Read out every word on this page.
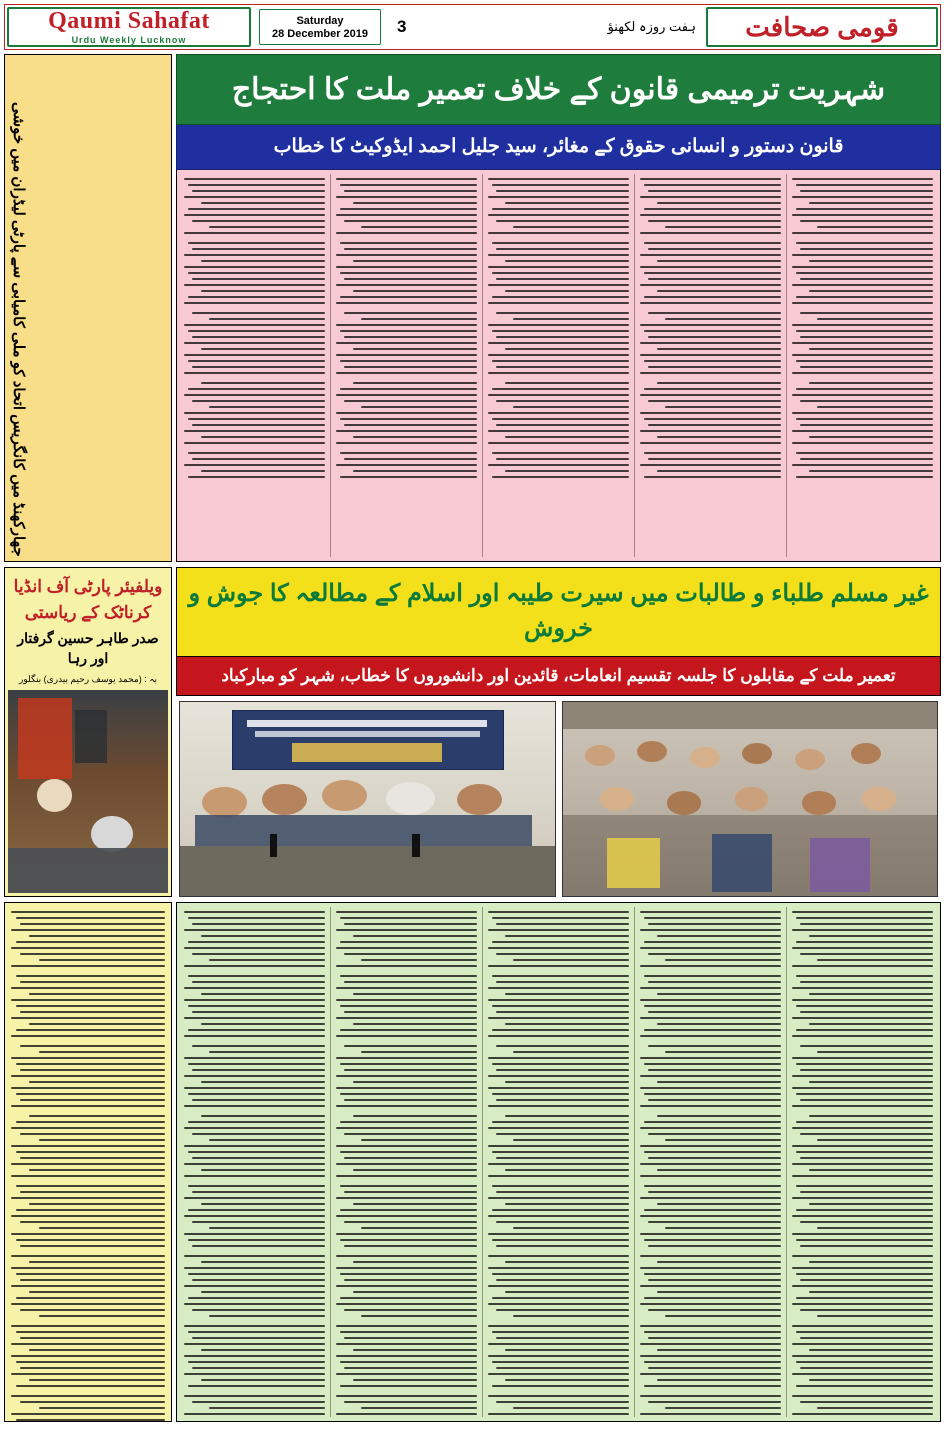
Qaumi Sahafat
Urdu Weekly Lucknow
Saturday
28 December 2019	3	ہفت روزہ لکھنؤ	قومی صحافت
جھارکھنڈ میں کانگریس اتحاد کو ملی کامیابی سے پارٹی لیڈران میں خوشی
شہریت ترمیمی قانون کے خلاف تعمیر ملت کا احتجاج
قانون دستور و انسانی حقوق کے مغائر، سید جلیل احمد ایڈوکیٹ کا خطاب
ویلفیئر پارٹی آف انڈیا کرناٹک کے ریاستی
صدر طاہر حسین گرفتار اور رہا
بہ : (محمد یوسف رحیم بیدری) بنگلور
غیر مسلم طلباء و طالبات میں سیرت طیبہ اور اسلام کے مطالعہ کا جوش و خروش
تعمیر ملت کے مقابلوں کا جلسہ تقسیم انعامات، قائدین اور دانشوروں کا خطاب، شہر کو مبارکباد
